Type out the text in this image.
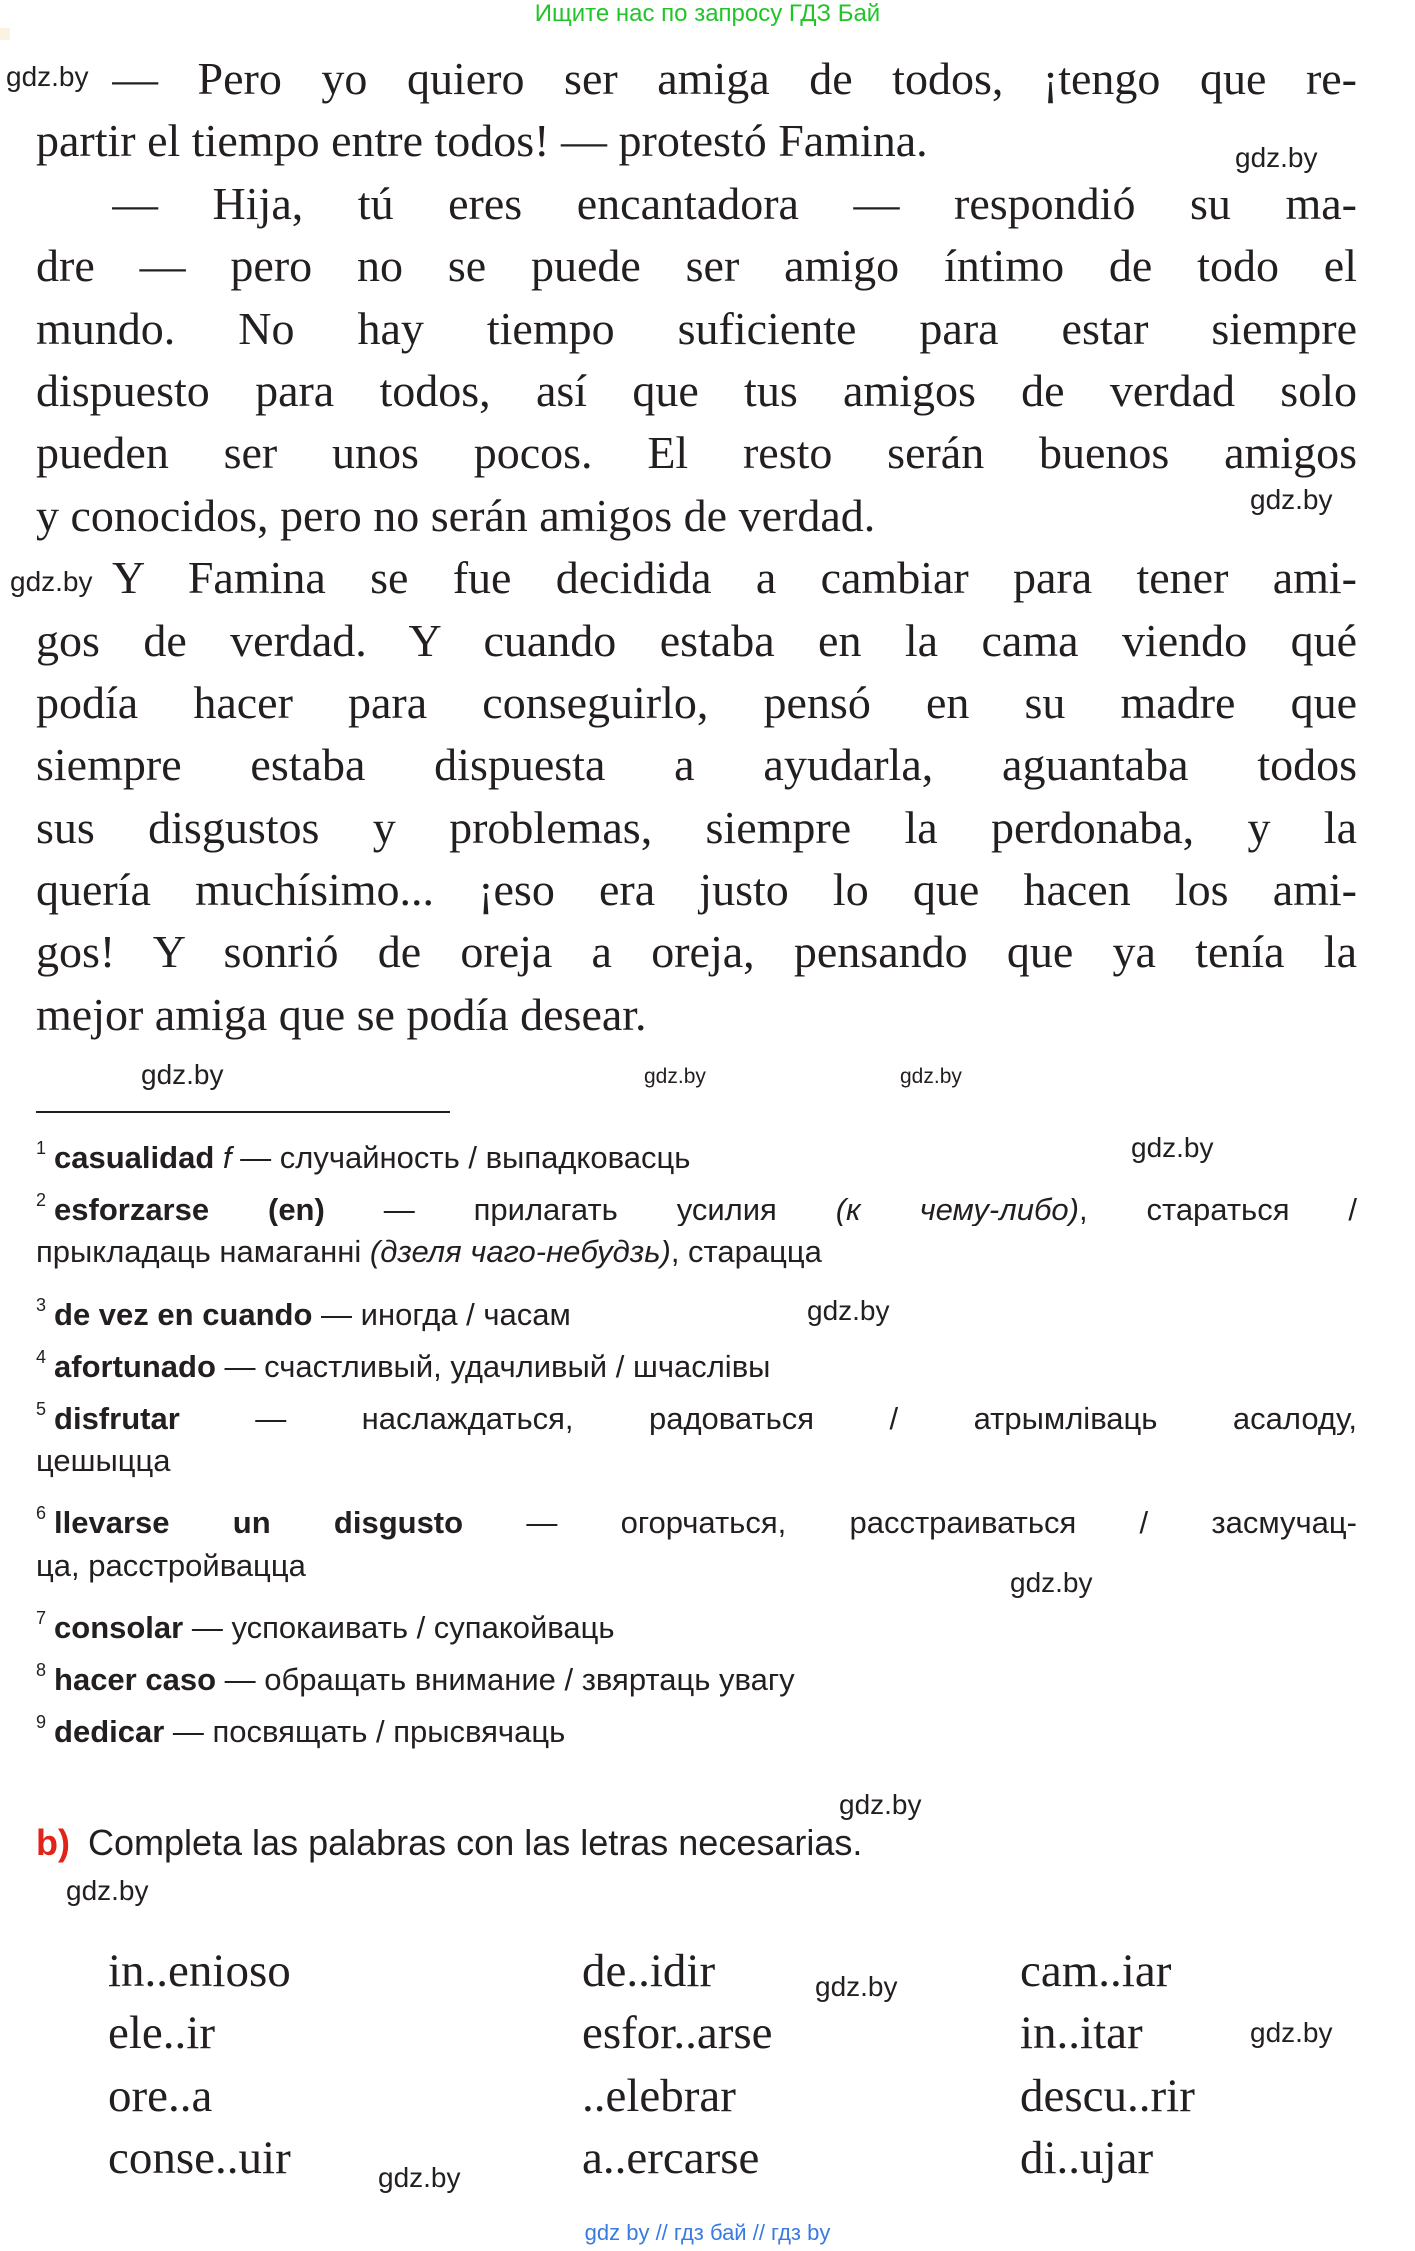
Ищите нас по запросу ГДЗ Бай
— Pero yo quiero ser amiga de todos, ¡tengo que re-
partir el tiempo entre todos! — protestó Famina.
— Hija, tú eres encantadora — respondió su ma-
dre — pero no se puede ser amigo íntimo de todo el
mundo. No hay tiempo suficiente para estar siempre
dispuesto para todos, así que tus amigos de verdad solo
pueden ser unos pocos. El resto serán buenos amigos
y conocidos, pero no serán amigos de verdad.
Y Famina se fue decidida a cambiar para tener ami-
gos de verdad. Y cuando estaba en la cama viendo qué
podía hacer para conseguirlo, pensó en su madre que
siempre estaba dispuesta a ayudarla, aguantaba todos
sus disgustos y problemas, siempre la perdonaba, y la
quería muchísimo... ¡eso era justo lo que hacen los ami-
gos! Y sonrió de oreja a oreja, pensando que ya tenía la
mejor amiga que se podía desear.
$^1$ casualidad f — случайность / выпадковасць
$^2$ esforzarse (en) — прилагать усилия (к чему-либо), стараться /
прыкладаць намаганні (дзеля чаго-небудзь), старацца
$^3$ de vez en cuando — иногда / часам
$^4$ afortunado — счастливый, удачливый / шчаслівы
$^5$ disfrutar — наслаждаться, радоваться / атрымліваць асалоду,
цешыцца
$^6$ llevarse un disgusto — огорчаться, расстраиваться / засмучац-
ца, расстройвацца
$^7$ consolar — успокаивать / супакойваць
$^8$ hacer caso — обращать внимание / звяртаць увагу
$^9$ dedicar — посвящать / прысвячаць
b) Completa las palabras con las letras necesarias.
in..enioso	de..idir	cam..iar
ele..ir	esfor..arse	in..itar
ore..a	..elebrar	descu..rir
conse..uir	a..ercarse	di..ujar
gdz.by
gdz.by
gdz.by
gdz.by
gdz.by
gdz.by
gdz.by
gdz.by
gdz.by
gdz.by
gdz.by
gdz.by
gdz.by
gdz.by
gdz.by
gdz by // гдз бай // гдз by
